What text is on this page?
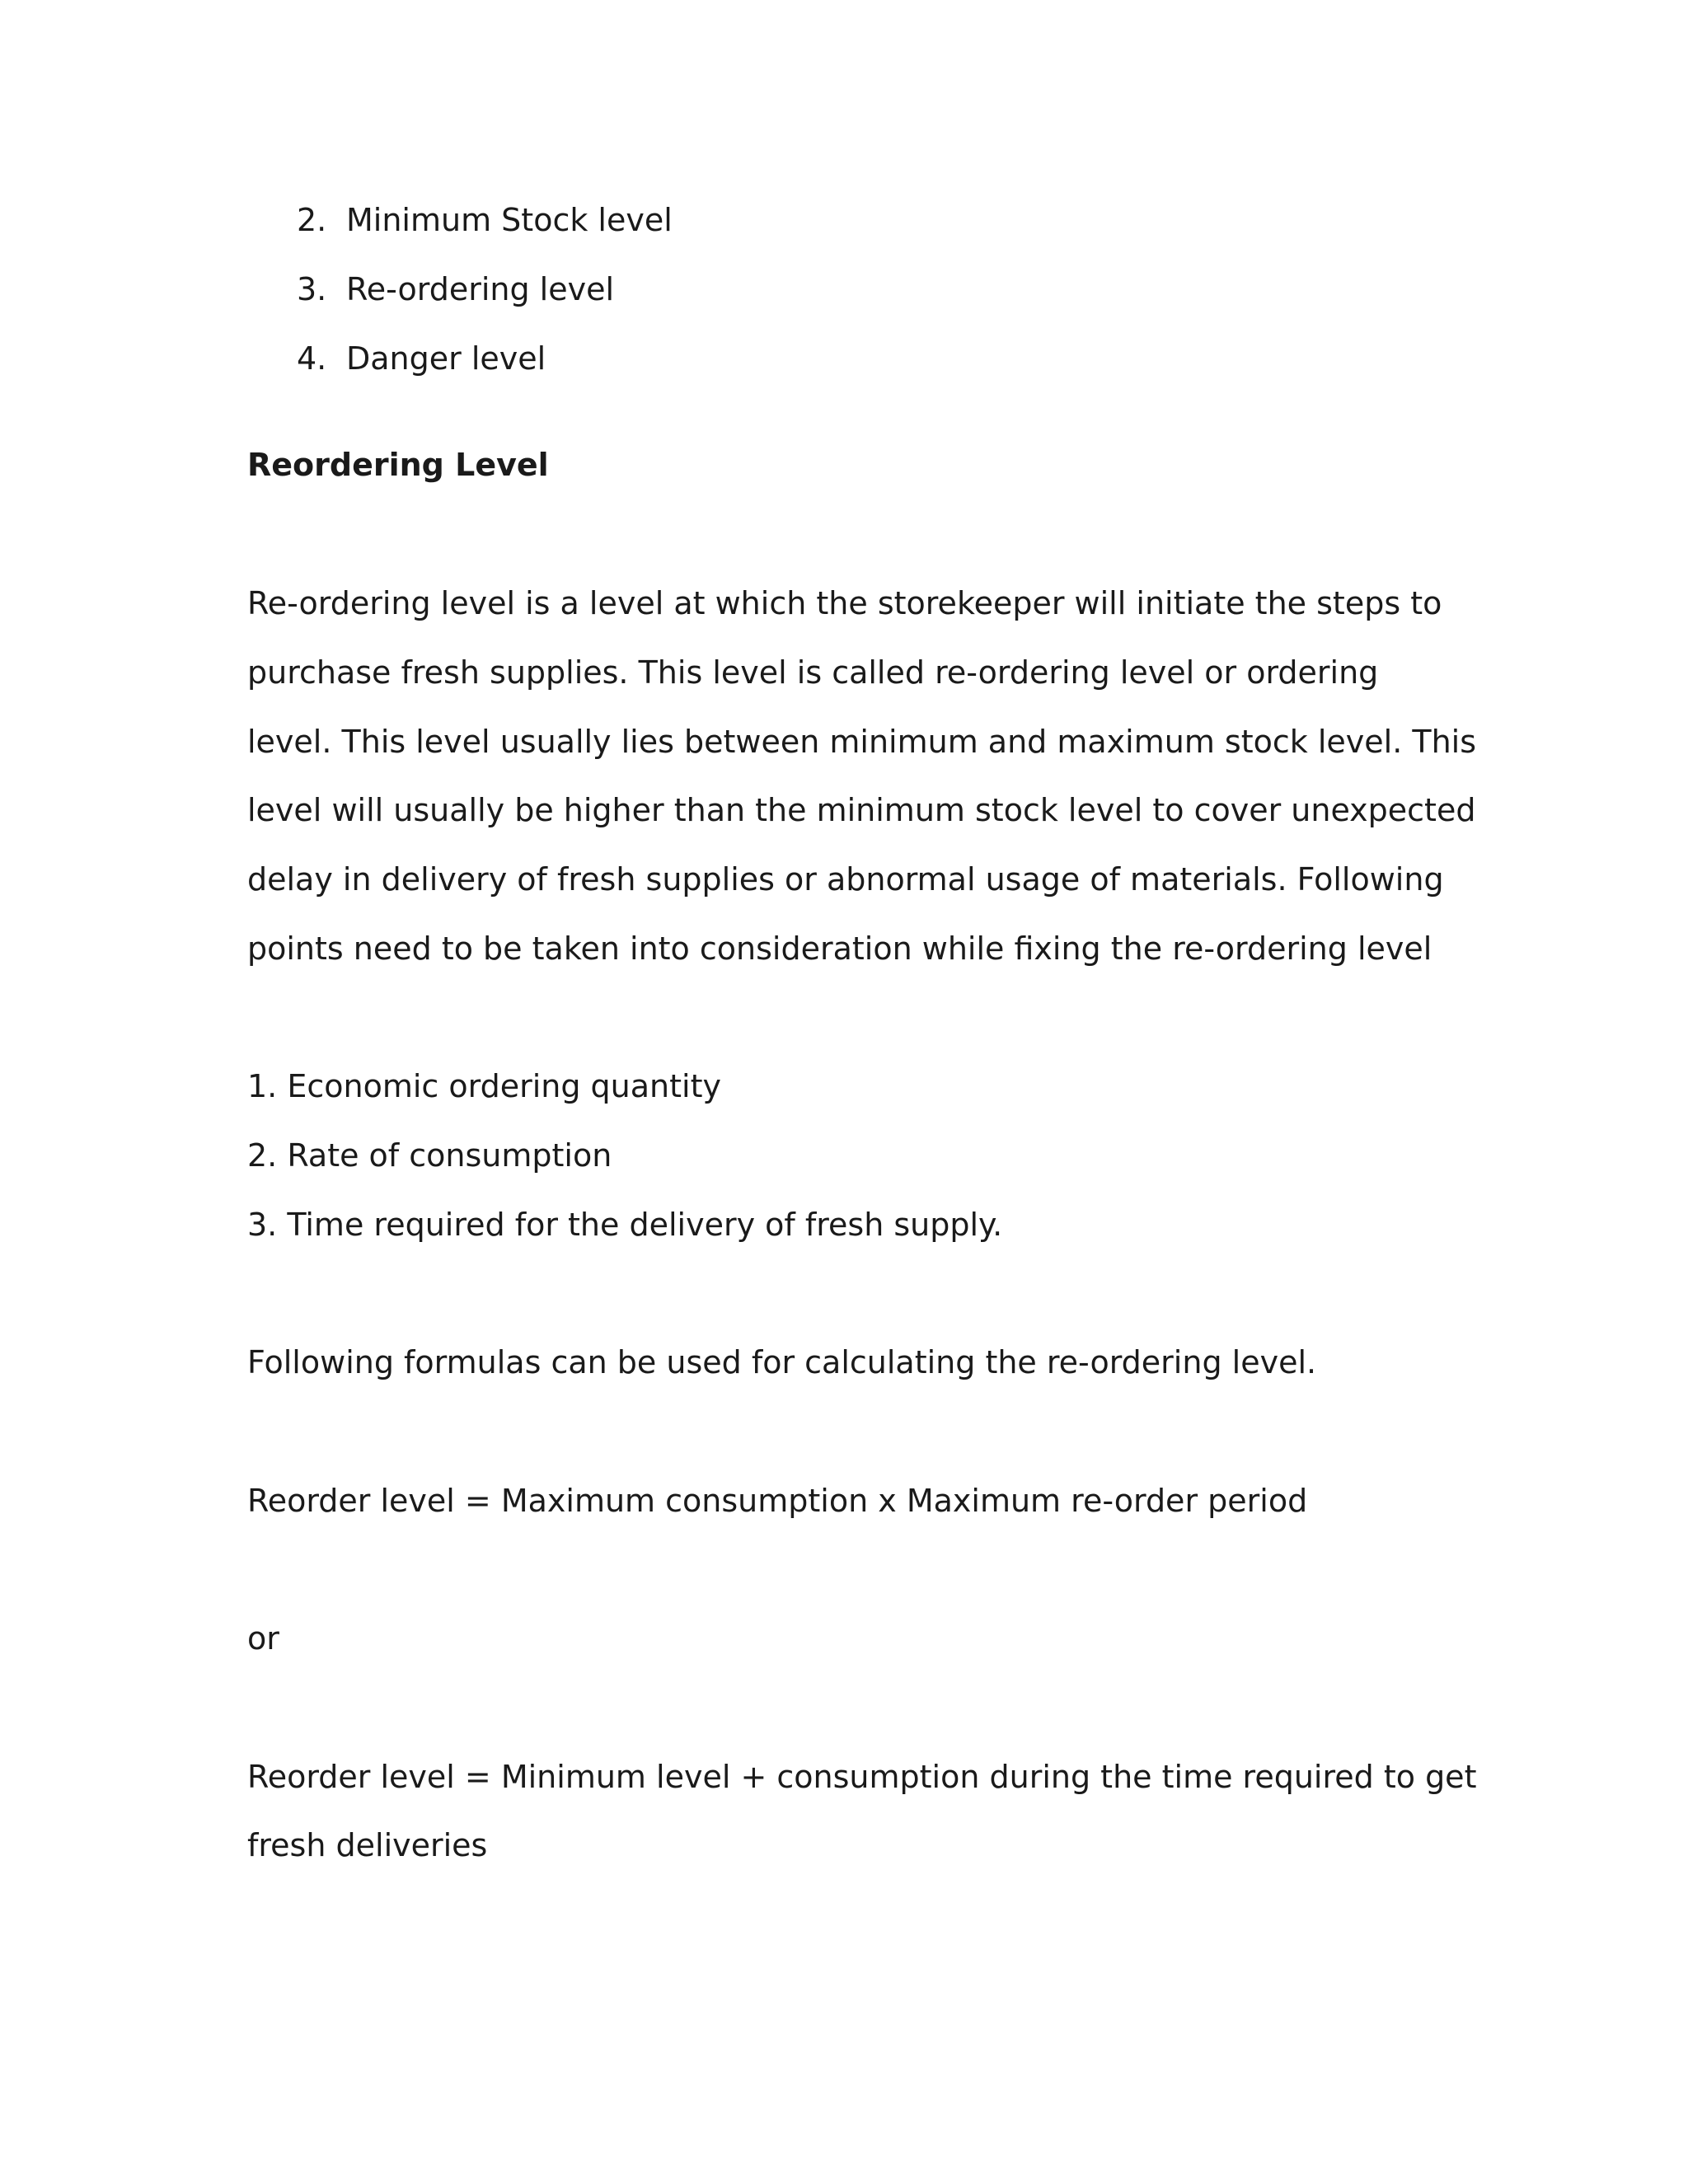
2. Minimum Stock level
3. Re-ordering level
4. Danger level
Reordering Level
Re-ordering level is a level at which the storekeeper will initiate the steps to
purchase fresh supplies. This level is called re-ordering level or ordering
level. This level usually lies between minimum and maximum stock level. This
level will usually be higher than the minimum stock level to cover unexpected
delay in delivery of fresh supplies or abnormal usage of materials. Following
points need to be taken into consideration while fixing the re-ordering level
1. Economic ordering quantity
2. Rate of consumption
3. Time required for the delivery of fresh supply.
Following formulas can be used for calculating the re-ordering level.
Reorder level = Maximum consumption x Maximum re-order period
or
Reorder level = Minimum level + consumption during the time required to get
fresh deliveries
